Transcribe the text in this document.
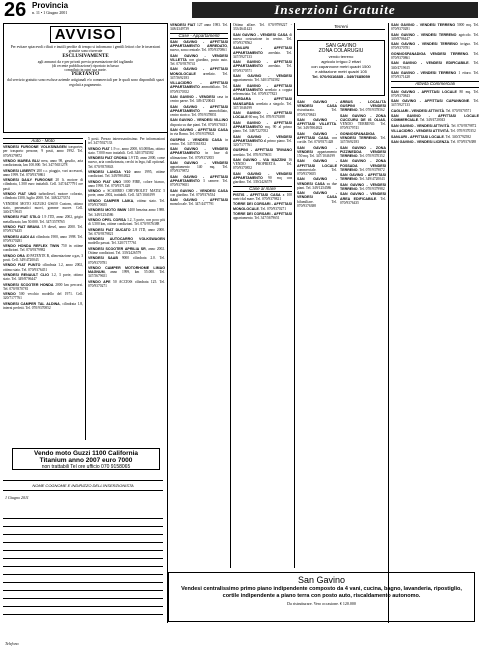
26 Provincia
n. 11 • 1 Giugno 2001	Inserzioni Gratuite
AVVISO
Per evitare spiacevoli rifiuti e inutili perdite di tempo si informano i gentili lettori che le inserzioni gratuite sono riservate
ESCLUSIVAMENTE
agli annunci da e per privati previa presentazione del tagliando
(di recente pubblicazione) riportato in basso
compilato in ogni sua parte.
PERTANTO
dal servizio gratuito sono escluse aziende artigianali e/o commerciali per le quali sono disponibili spazi regolati a pagamento.
Auto - Moto

VENDESI FURGONE VOLKSWAGEN trasporter, per trasporto persone, 9 posti, anno 1992. Tel. 070/9379872

VENDO MAREA BLU nera, anno 98, gasolio, aria condizionata, km 100.000. Tel. 347/5651278

VENDESI LIBERTY 200 c.c. piaggio, vari accessori, anno 1999. Tel. 070/9370861

VENDESI DAILY FURGONE 20 lt. motore di cilindrata, 1.500 euro trattabili. Cell. 347/4477791 ore pasti

VENDO FIAT UNO turbodiesel, motore colorato, cilindrata 1300, luglio 2000. Tel. 348/2273374

VENDESI MOTO SUZUKI GS650 Custom, ottimo stato, pneumatici nuovi, gomme nuove. Cell. 340/4719615

VENDESI FIAT STILO 1.9 JTD, anno 2002, grigio metallizzato, km 50.000. Tel. 347/3578765

VENDO FIAT BRAVA 1.9 diesel, anno 2000. Tel. 070/9376435

VENDESI AUDI A4 cilindrata 1900, anno 1998. Tel. 070/9370281

VENDO HONDA REFLEX TWIN 750 in ottime condizioni. Tel. 070/9379982

VENDO ORA 40 PATENTE B, alimentazione a gas, 3 posti. Cell. 349/4720043

VENDO FIAT PUNTO cilindrata 1.2, anno 2002, ottimo stato. Tel. 070/9376451

VENDESI RENAULT CLIO 1.2, 3 porte, ottimo stato. Tel. 349/8706447

VENDESI SCOOTER HONDA 2000 km percorsi. Tel. 070/9370781

VENDO 500 vecchio modello del 1971. Cell. 320/7177761

VENDESI CAMPER TAL ALDINA, cilindrata 1.8, interni perfetti. Tel. 070/9370852

5 posti. Prezzo interessantissimo. Per informazioni tel. 347/5927133

VENDO FIAT 1.9 cc. anno 2000, 63.000km, ottimo stato. 7.000 euro trattabili. Cell. 340/3792582

VENDESI FIAT CROMA 1.9 TD, anno 2000, come nuovo, aria condizionata, cerchi in lega, full optional. Tel. 070/9370843

VENDESI LANCIA Y10 anno 1995, ottime condizioni. Tel. 349/5904822

VENDO FIAT UNO 1000 FIRE, colore bianco, anno 1990. Tel. 070/9371428

VENDO o SCAMBIO CHEVROLET MATIZ 5 porte, anno 2002, trattabili. Cell. 347/1046199

VENDO CAMPER LAIKA, ottimo stato. Tel. 070/9370655

VENDESI MOTO BMW 1400 benzina anno 1988. Tel. 349/1254586

VENDO OPEL CORSA 1.2, 3 porte, con poco più di 3.500 km, ottime condizioni. Tel. 070/9376388

VENDESI FIAT DUCATO 2.8 JTD, anno 2000. Tel. 070/9379821

VENDESI AUTOCARRO VOLKSWAGEN modello passat. Tel. 320/7177761

VENDESI SCOOTER APRILIA SR, anno 2002. Ottime condizioni. Tel. 339/2426579

VENDESI SAAB 9000 cilindrata 2.0. Tel. 070/9370781

VENDO CAMPER MOTORHOME LIMAG MAGNUM, anno 1999, km 55.000. Tel. 347/5679651

VENDO APE 50 ACCESS cilindrata 125. Tel. 070/9370271

VENDESI FIAT 127 anno 1983. Tel. 348/4349739

Case - Appartamenti

SAN GAVINO - AFFITTASI APPARTAMENTO ARREDATO, nuovo, zona centrale. Tel. 070/9370861

SAN GAVINO - VENDESI VILLETTA con giardino, posto auto. Tel. 070/9379741

SAN GAVINO - AFFITTASI MONOLOCALE arredato. Tel. 347/5692183

VILLACIDRO - AFFITTASI APPARTAMENTO ammobiliato. Tel. 070/9370352

SAN GAVINO - VENDESI casa in centro paese. Tel. 349/4720043

SAN GAVINO - AFFITTASI APPARTAMENTO ammobiliato, centro storico. Tel. 070/9378851

SAN GAVINO - VENDESI VILLINO disposta su due piani. Tel. 070/9370431

SAN GAVINO - AFFITTASI CASA in via Roma. Tel. 070/9379821

GUSPINI - VENDESI CASA in centro. Tel. 347/5561832

SAN GAVINO - VENDESI APPARTAMENTO in fase di ultimazione. Tel. 070/9372855

SAN GAVINO - VENDESI appartamento 140 mq. Tel. 070/9379872

SAN GAVINO - AFFITTASI APPARTAMENTO 3 camere. Tel. 070/9379651

SAN GAVINO - VENDESI CASA con giardino. Tel. 070/9376534

SAN GAVINO - AFFITTASI monolocale. Tel. 347/4477791

Ottimo affare. Tel. 070/9799227 - 333/4641423

SAN GAVINO - VENDESI CASA di nuova costruzione in centro. Tel. 070/9378562

SANLURI - AFFITTASI APPARTAMENTO arredato. Tel. 347/5927133

SAN GAVINO - AFFITTASI APPARTAMENTO arredato. Tel. 070/9370571

SAN GAVINO - VENDESI appartamento. Tel. 340/3792582

SAN GAVINO - AFFITTASI APPARTAMENTO arredato a coppia referenziata. Tel. 070/9377823

SARDARA - AFFITTASI MANSARDA arredata a singolo. Tel. 347/1046199

SAN GAVINO - AFFITTASI LOCALE 60 mq. Tel. 070/9376388

SAN GAVINO - AFFITTASI APPARTAMENTO mq. 90 al primo piano. Tel. 348/7227052

SAN GAVINO - VENDESI APPARTAMENTO al primo piano. Tel. 320/7177761

GUSPINI - AFFITTASI TRIVANO arredato. Tel. 070/9379651

SAN GAVINO - VIA MAZZINI 16 VENDO PROPRIETÀ. Tel. 070/9370852

SAN GAVINO - VENDESI APPARTAMENTO 90 mq con giardino. Tel. 339/2426579

Case al mare

PISTIS - AFFITTASI CASA a 100 metri dal mare. Tel. 070/9379821

TORRE DEI CORSARI - AFFITTASI MONOLOCALE. Tel. 070/9370271

TORRE DEI CORSARI - AFFITTASI appartamento. Tel. 347/5679651

SAN GAVINO - VENDESI CASA ristrutturata. Tel. 070/9370843

SAN GAVINO - AFFITTASI VILLETTA. Tel. 349/5904822

SAN GAVINO - AFFITTASI CASA con cortile. Tel. 070/9371428

SAN GAVINO - VENDESI appartamento 150 mq. Tel. 347/1046199

SAN GAVINO - AFFITTASI LOCALE commerciale. Tel. 070/9370655

SAN GAVINO - VENDESI CASA su due piani. Tel. 349/1254586

SAN GAVINO - VENDESI CASA bifamiliare. Tel. 070/9376388

Terreni
SAN GAVINO
ZONA COLARUGIU
vendo terreno
agricolo irriguo 2 ettari
con capannone metri quadri 1500
e abitazione metri quadri 105
Tel. 070/9316885 - 349/7685059

ARBUS - LOCALITÀ GUSPINI VENDESI TERRENO. Tel. 070/9378562

SAN GAVINO - ZONA CUCCURU DE IS OLIAS, VENDO TERRENO. Tel. 070/9379741

GONNOSFANADIGA VENDESI TERRENO. Tel. 347/5692183

SAN GAVINO - ZONA PIZZINEDDA VENDESI TERRENO. Tel. 070/9370352

SAN GAVINO - ZONA FOSSADA VENDESI TERRENO. Tel. 070/9379872

SAN GAVINO - AFFITTASI TERRENO. Tel. 349/4720043

SAN GAVINO - VENDESI TERRENO. Tel. 070/9379982

SAN GAVINO - VENDESI AREA EDIFICABILE. Tel. 070/9376435

SAN GAVINO - VENDESI TERRENO 5000 mq. Tel. 070/9370281

SAN GAVINO - VENDESI TERRENO agricolo. Tel. 349/8706447

SAN GAVINO - VENDESI TERRENO irriguo. Tel. 070/9370781

GONNOSFANADIGA VENDESI TERRENO. Tel. 070/9370861

SAN GAVINO - VENDESI EDIFICABILE. Tel. 340/4719615

SAN GAVINO - VENDESI TERRENO 1 ettaro. Tel. 070/9371428

Attività Commerciali

SAN GAVINO - AFFITTASI LOCALE 80 mq. Tel. 070/9370843

SAN GAVINO - AFFITTASI CAPANNONE. Tel. 347/5927133

CAGLIARI - VENDESI ATTIVITÀ. Tel. 070/9370571

SAN GAVINO - AFFITTASI LOCALE COMMERCIALE. Tel. 349/4720043

SAN GAVINO - VENDESI ATTIVITÀ. Tel. 070/9379872

VILLACIDRO - VENDESI ATTIVITÀ. Tel. 070/9370352

SANLURI - AFFITTASI LOCALE. Tel. 340/3792582

SAN GAVINO - VENDESI LICENZA. Tel. 070/9376388

Vendo moto Guzzi 1100 California
Titanium anno 2007 euro 7000
non trattabili Tel ore ufficio 070 9158065
NOME COGNOME E INDIRIZZO DELL'INSERZIONISTA
1 Giugno 2011
Telefono
San Gavino
Vendesi centralissimo primo piano indipendente composto da 4 vani, cucina, bagno, lavanderia, ripostiglio, cortile indipendente a piano terra con posto auto, riscaldamento autonomo.
Da ristrutturare. Vero occasione. € 120.000
